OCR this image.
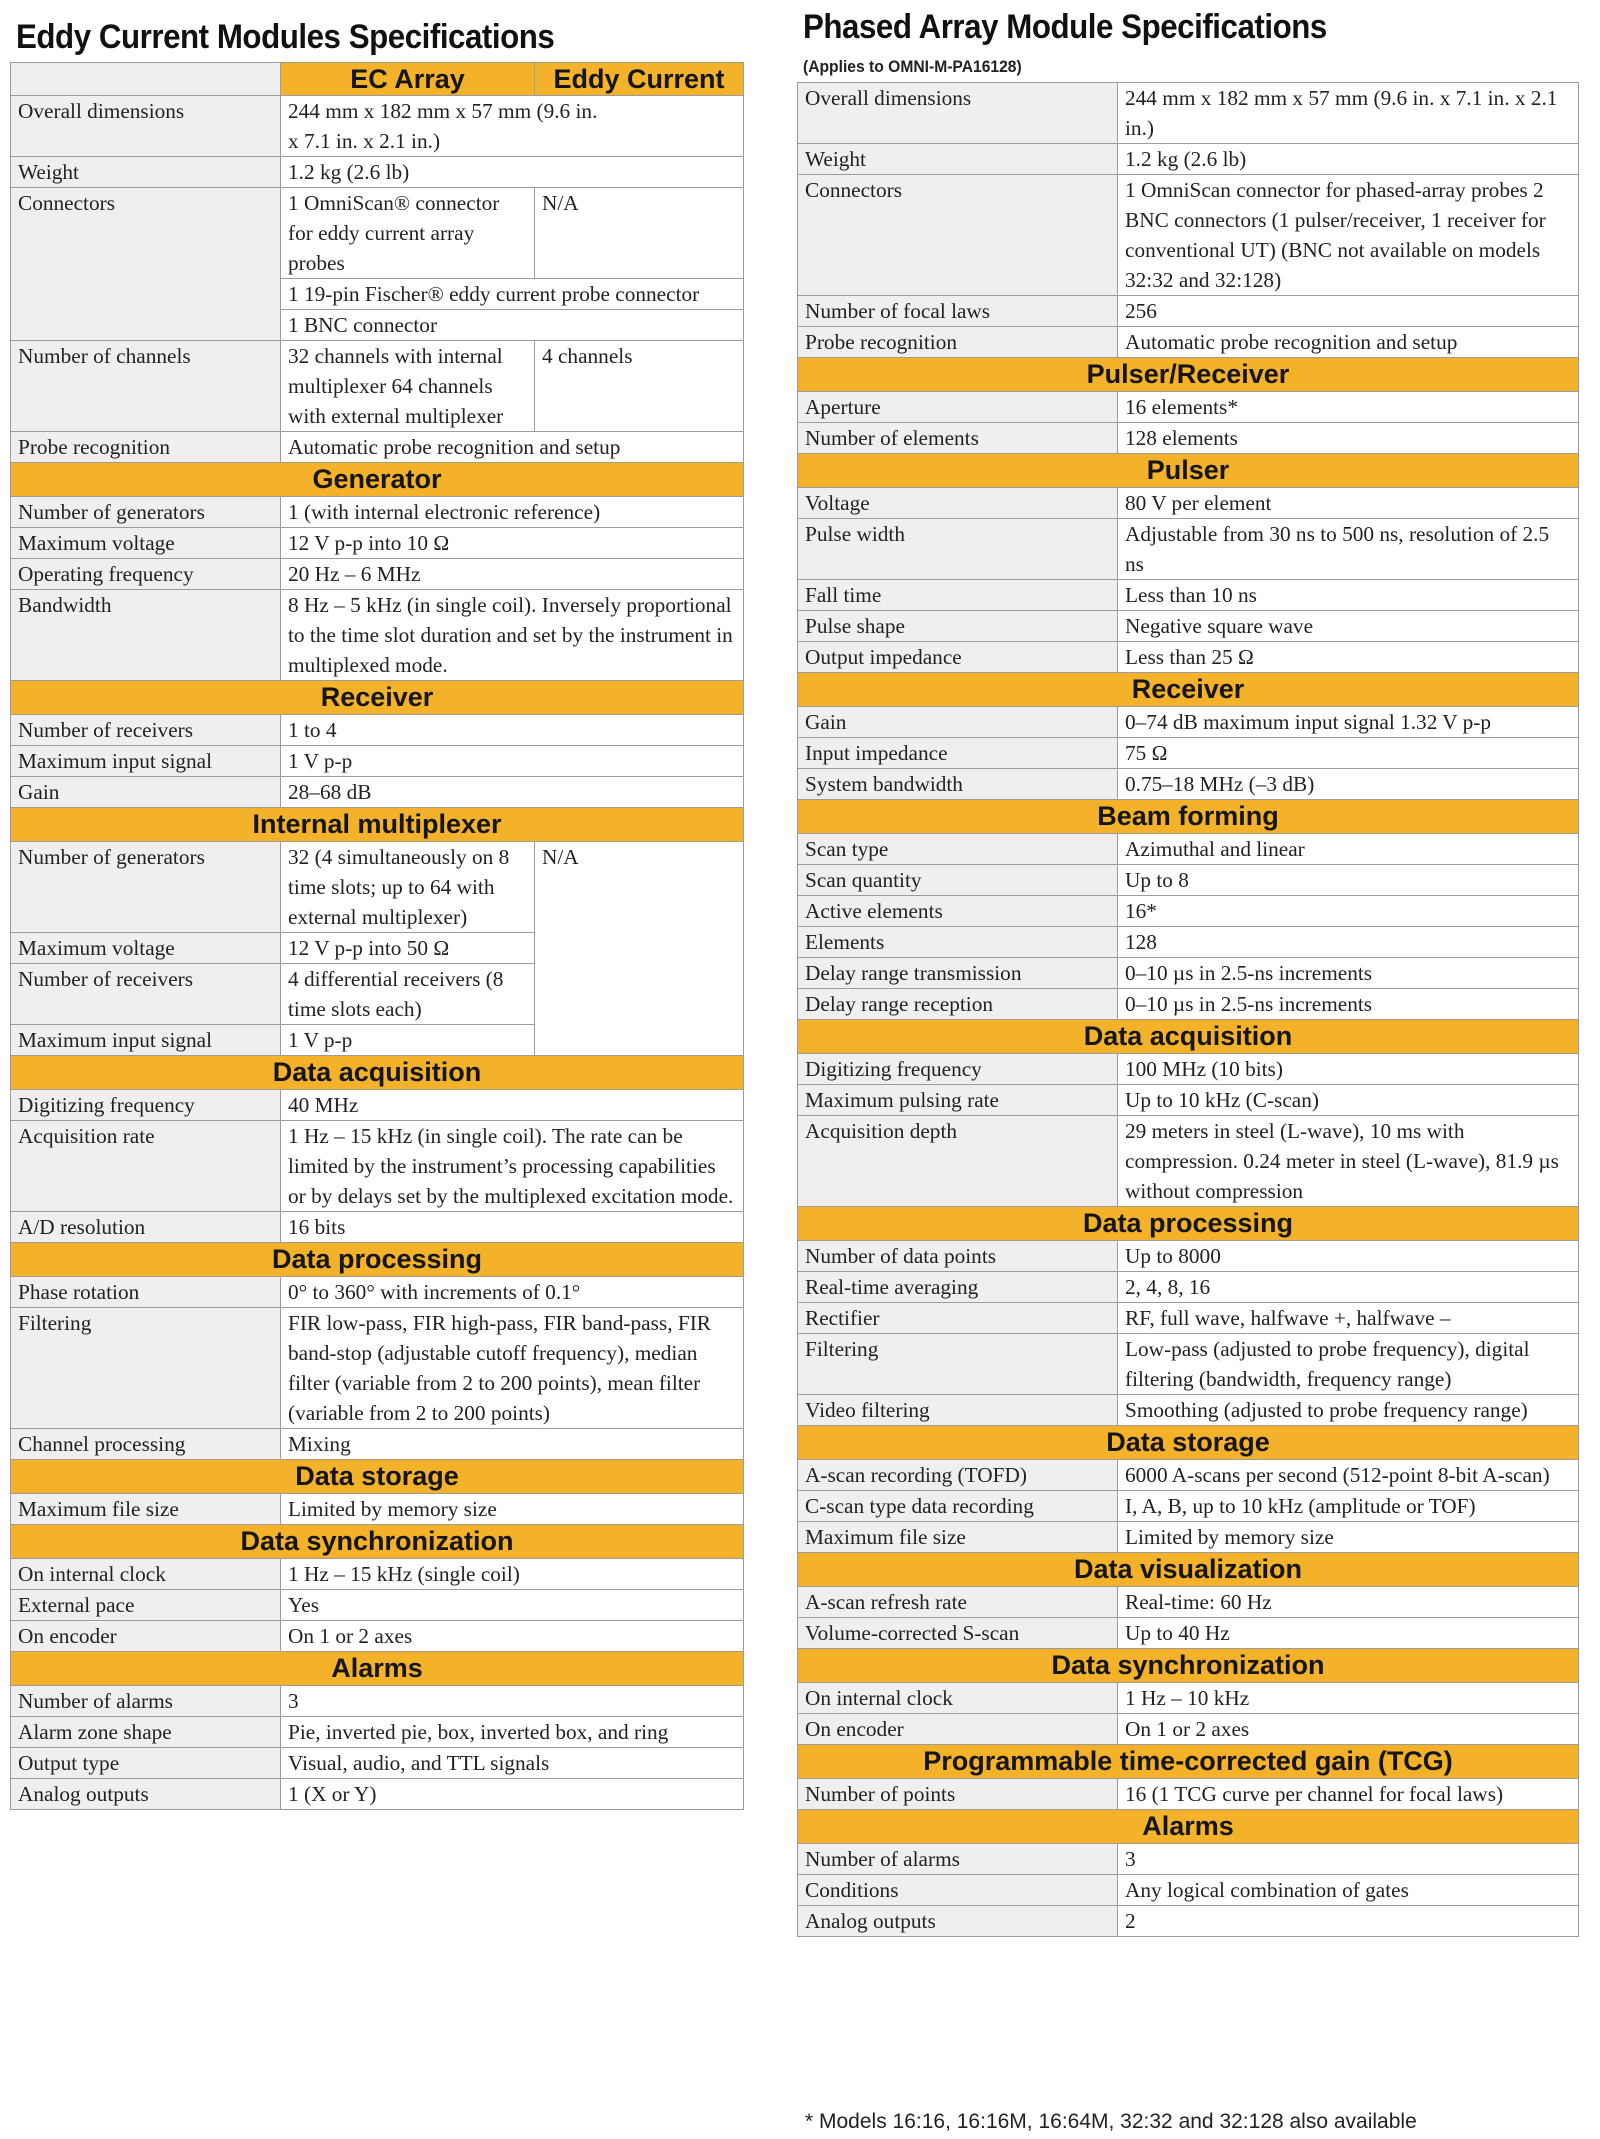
Eddy Current Modules Specifications
	EC Array	Eddy Current
Overall dimensions	244 mm x 182 mm x 57 mm (9.6 in. x 7.1 in. x 2.1 in.)	
Weight	1.2 kg (2.6 lb)	
Connectors	1 OmniScan® connector for eddy current array probes	N/A
	1 19-pin Fischer® eddy current probe connector	
	1 BNC connector	
Number of channels	32 channels with internal multiplexer 64 channels with external multiplexer	4 channels
Probe recognition	Automatic probe recognition and setup	
Generator		
Number of generators	1 (with internal electronic reference)	
Maximum voltage	12 V p-p into 10 Ω	
Operating frequency	20 Hz – 6 MHz	
Bandwidth	8 Hz – 5 kHz (in single coil). Inversely proportional to the time slot duration and set by the instrument in multiplexed mode.	
Receiver		
Number of receivers	1 to 4	
Maximum input signal	1 V p-p	
Gain	28–68 dB	
Internal multiplexer		
Number of generators	32 (4 simultaneously on 8 time slots; up to 64 with external multiplexer)	N/A
Maximum voltage	12 V p-p into 50 Ω	
Number of receivers	4 differential receivers (8 time slots each)	
Maximum input signal	1 V p-p	
Data acquisition		
Digitizing frequency	40 MHz	
Acquisition rate	1 Hz – 15 kHz (in single coil). The rate can be limited by the instrument’s processing capabilities or by delays set by the multiplexed excitation mode.	
A/D resolution	16 bits	
Data processing		
Phase rotation	0° to 360° with increments of 0.1°	
Filtering	FIR low-pass, FIR high-pass, FIR band-pass, FIR band-stop (adjustable cutoff frequency), median filter (variable from 2 to 200 points), mean filter (variable from 2 to 200 points)	
Channel processing	Mixing	
Data storage		
Maximum file size	Limited by memory size	
Data synchronization		
On internal clock	1 Hz – 15 kHz (single coil)	
External pace	Yes	
On encoder	On 1 or 2 axes	
Alarms		
Number of alarms	3	
Alarm zone shape	Pie, inverted pie, box, inverted box, and ring	
Output type	Visual, audio, and TTL signals	
Analog outputs	1 (X or Y)	
Phased Array Module Specifications
(Applies to OMNI-M-PA16128)
Overall dimensions	244 mm x 182 mm x 57 mm (9.6 in. x 7.1 in. x 2.1 in.)
Weight	1.2 kg (2.6 lb)
Connectors	1 OmniScan connector for phased-array probes 2 BNC connectors (1 pulser/receiver, 1 receiver for conventional UT) (BNC not available on models 32:32 and 32:128)
Number of focal laws	256
Probe recognition	Automatic probe recognition and setup
Pulser/Receiver	
Aperture	16 elements*
Number of elements	128 elements
Pulser	
Voltage	80 V per element
Pulse width	Adjustable from 30 ns to 500 ns, resolution of 2.5 ns
Fall time	Less than 10 ns
Pulse shape	Negative square wave
Output impedance	Less than 25 Ω
Receiver	
Gain	0–74 dB maximum input signal 1.32 V p-p
Input impedance	75 Ω
System bandwidth	0.75–18 MHz (–3 dB)
Beam forming	
Scan type	Azimuthal and linear
Scan quantity	Up to 8
Active elements	16*
Elements	128
Delay range transmission	0–10 µs in 2.5-ns increments
Delay range reception	0–10 µs in 2.5-ns increments
Data acquisition	
Digitizing frequency	100 MHz (10 bits)
Maximum pulsing rate	Up to 10 kHz (C-scan)
Acquisition depth	29 meters in steel (L-wave), 10 ms with compression. 0.24 meter in steel (L-wave), 81.9 µs without compression
Data processing	
Number of data points	Up to 8000
Real-time averaging	2, 4, 8, 16
Rectifier	RF, full wave, halfwave +, halfwave –
Filtering	Low-pass (adjusted to probe frequency), digital filtering (bandwidth, frequency range)
Video filtering	Smoothing (adjusted to probe frequency range)
Data storage	
A-scan recording (TOFD)	6000 A-scans per second (512-point 8-bit A-scan)
C-scan type data recording	I, A, B, up to 10 kHz (amplitude or TOF)
Maximum file size	Limited by memory size
Data visualization	
A-scan refresh rate	Real-time: 60 Hz
Volume-corrected S-scan	Up to 40 Hz
Data synchronization	
On internal clock	1 Hz – 10 kHz
On encoder	On 1 or 2 axes
Programmable time-corrected gain (TCG)	
Number of points	16 (1 TCG curve per channel for focal laws)
Alarms	
Number of alarms	3
Conditions	Any logical combination of gates
Analog outputs	2
* Models 16:16, 16:16M, 16:64M, 32:32 and 32:128 also available
